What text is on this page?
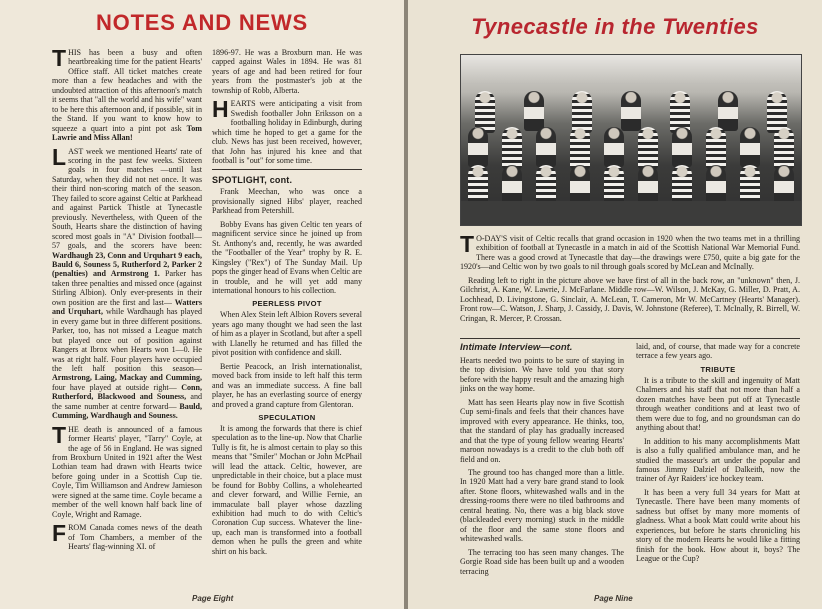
NOTES AND NEWS

THIS has been a busy and often heartbreaking time for the patient Hearts' Office staff. All ticket matches create more than a few headaches and with the undoubted attraction of this afternoon's match it seems that "all the world and his wife" want to be here this afternoon and, if possible, sit in the Stand. If you want to know how to squeeze a quart into a pint pot ask Tom Lawrie and Miss Allan!

LAST week we mentioned Hearts' rate of scoring in the past few weeks. Sixteen goals in four matches —until last Saturday, when they did not net once. It was their third non-scoring match of the season. They failed to score against Celtic at Parkhead and against Partick Thistle at Tynecastle previously. Nevertheless, with Queen of the South, Hearts share the distinction of having scored most goals in "A" Division football—57 goals, and the scorers have been: Wardhaugh 23, Conn and Urquhart 9 each, Bauld 6, Souness 5, Rutherford 2, Parker 2 (penalties) and Armstrong 1. Parker has taken three penalties and missed once (against Stirling Albion). Only ever-presents in their own position are the first and last— Watters and Urquhart, while Wardhaugh has played in every game but in three different positions. Parker, too, has not missed a League match but played once out of position against Rangers at Ibrox when Hearts won 1—0. He was at right half. Four players have occupied the left half position this season— Armstrong, Laing, Mackay and Cumming, four have played at outside right— Conn, Rutherford, Blackwood and Souness, and the same number at centre forward— Bauld, Cumming, Wardhaugh and Souness.

THE death is announced of a famous former Hearts' player, "Tarry" Coyle, at the age of 56 in England. He was signed from Broxburn United in 1921 after the West Lothian team had drawn with Hearts twice before going under in a Scottish Cup tie. Coyle, Tim Williamson and Andrew Jamieson were signed at the same time. Coyle became a member of the well known half back line of Coyle, Wright and Ramage.

FROM Canada comes news of the death of Tom Chambers, a member of the Hearts' flag-winning XI. of

1896-97. He was a Broxburn man. He was capped against Wales in 1894. He was 81 years of age and had been retired for four years from the postmaster's job at the township of Robb, Alberta.

HEARTS were anticipating a visit from Swedish footballer John Eriksson on a footballing holiday in Edinburgh, during which time he hoped to get a game for the club. News has just been received, however, that John has injured his knee and that football is "out" for some time.

SPOTLIGHT, cont.

Frank Meechan, who was once a provisionally signed Hibs' player, reached Parkhead from Petershill.

Bobby Evans has given Celtic ten years of magnificent service since he joined up from St. Anthony's and, recently, he was awarded the "Footballer of the Year" trophy by R. E. Kingsley ("Rex") of The Sunday Mail. Up pops the ginger head of Evans when Celtic are in trouble, and he will yet add many international honours to his collection.

PEERLESS PIVOT

When Alex Stein left Albion Rovers several years ago many thought we had seen the last of him as a player in Scotland, but after a spell with Llanelly he returned and has filled the pivot position with confidence and skill.

Bertie Peacock, an Irish internationalist, moved back from inside to left half this term and was an immediate success. A fine ball player, he has an everlasting source of energy and proved a grand capture from Glentoran.

SPECULATION

It is among the forwards that there is chief speculation as to the line-up. Now that Charlie Tully is fit, he is almost certain to play so this means that "Smiler" Mochan or John McPhail will lead the attack. Celtic, however, are unpredictable in their choice, but a place must be found for Bobby Collins, a wholehearted and clever forward, and Willie Fernie, an immaculate ball player whose dazzling exhibition had much to do with Celtic's Coronation Cup success. Whatever the line-up, each man is transformed into a football demon when he pulls the green and white shirt on his back.

Page Eight
Tynecastle in the Twenties

TO-DAY'S visit of Celtic recalls that grand occasion in 1920 when the two teams met in a thrilling exhibition of football at Tynecastle in a match in aid of the Scottish National War Memorial Fund. There was a good crowd at Tynecastle that day—the drawings were £750, quite a big gate for the 1920's—and Celtic won by two goals to nil through goals scored by McLean and McInally.

Reading left to right in the picture above we have first of all in the back row, an "unknown" then, J. Gilchrist, A. Kane, W. Lawrie, J. McFarlane. Middle row—W. Wilson, J. McKay, G. Miller, D. Pratt, A. Lochhead, D. Livingstone, G. Sinclair, A. McLean, T. Cameron, Mr W. McCartney (Hearts' Manager). Front row—C. Watson, J. Sharp, J. Cassidy, J. Davis, W. Johnstone (Referee), T. McInally, R. Birrell, W. Cringan, R. Mercer, P. Crossan.

Intimate Interview—cont.

Hearts needed two points to be sure of staying in the top division. We have told you that story before with the happy result and the amazing high jinks on the way home.

Matt has seen Hearts play now in five Scottish Cup semi-finals and feels that their chances have improved with every appearance. He thinks, too, that the standard of play has gradually increased and that the type of young fellow wearing Hearts' maroon nowadays is a credit to the club both off field and on.

The ground too has changed more than a little. In 1920 Matt had a very bare grand stand to look after. Stone floors, whitewashed walls and in the dressing-rooms there were no tiled bathrooms and central heating. No, there was a big black stove (blackleaded every morning) stuck in the middle of the floor and the same stone floors and whitewashed walls.

The terracing too has seen many changes. The Gorgie Road side has been built up and a wooden terracing

laid, and, of course, that made way for a concrete terrace a few years ago.

TRIBUTE

It is a tribute to the skill and ingenuity of Matt Chalmers and his staff that not more than half a dozen matches have been put off at Tynecastle through weather conditions and at least two of them were due to fog, and no groundsman can do anything about that!

In addition to his many accomplishments Matt is also a fully qualified ambulance man, and he studied the masseur's art under the popular and famous Jimmy Dalziel of Dalkeith, now the trainer of Ayr Raiders' ice hockey team.

It has been a very full 34 years for Matt at Tynecastle. There have been many moments of sadness but offset by many more moments of gladness. What a book Matt could write about his experiences, but before he starts chronicling his story of the modern Hearts he would like a fitting finish for the book. How about it, boys? The League or the Cup?

Page Nine
